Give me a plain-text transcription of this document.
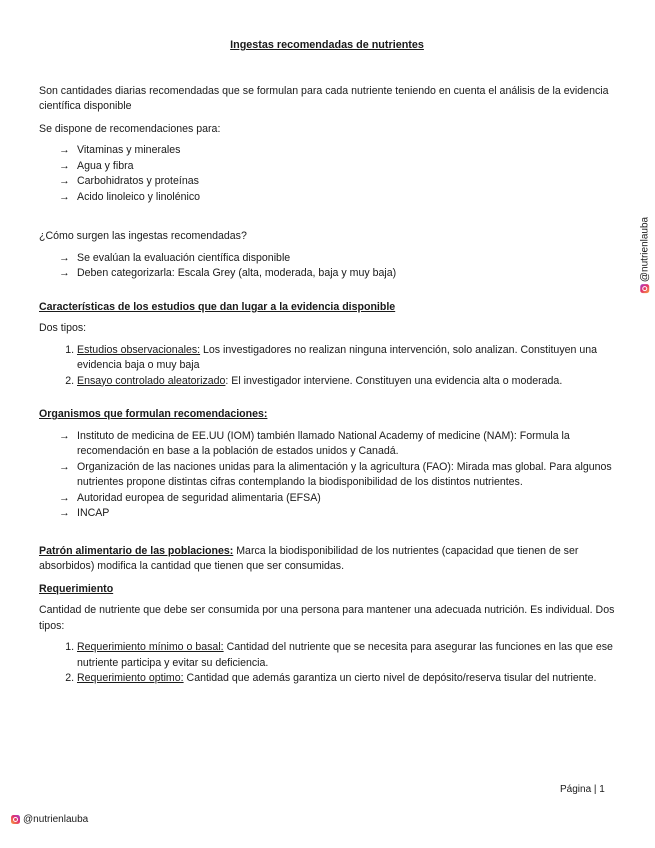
Ingestas recomendadas de nutrientes

Son cantidades diarias recomendadas que se formulan para cada nutriente teniendo en cuenta el análisis de la evidencia científica disponible

Se dispone de recomendaciones para:

→ Vitaminas y minerales
→ Agua y fibra
→ Carbohidratos y proteínas
→ Acido linoleico y linolénico

¿Cómo surgen las ingestas recomendadas?

→ Se evalúan la evaluación científica disponible
→ Deben categorizarla: Escala Grey (alta, moderada, baja y muy baja)

Características de los estudios que dan lugar a la evidencia disponible

Dos tipos:

1. Estudios observacionales: Los investigadores no realizan ninguna intervención, solo analizan. Constituyen una evidencia baja o muy baja
2. Ensayo controlado aleatorizado: El investigador interviene. Constituyen una evidencia alta o moderada.

Organismos que formulan recomendaciones:

→ Instituto de medicina de EE.UU (IOM) también llamado National Academy of medicine (NAM): Formula la recomendación en base a la población de estados unidos y Canadá.
→ Organización de las naciones unidas para la alimentación y la agricultura (FAO): Mirada mas global. Para algunos nutrientes propone distintas cifras contemplando la biodisponibilidad de los distintos nutrientes.
→ Autoridad europea de seguridad alimentaria (EFSA)
→ INCAP

Patrón alimentario de las poblaciones: Marca la biodisponibilidad de los nutrientes (capacidad que tienen de ser absorbidos) modifica la cantidad que tienen que ser consumidas.

Requerimiento

Cantidad de nutriente que debe ser consumida por una persona para mantener una adecuada nutrición. Es individual. Dos tipos:

1. Requerimiento mínimo o basal: Cantidad del nutriente que se necesita para asegurar las funciones en las que ese nutriente participa y evitar su deficiencia.
2. Requerimiento optimo: Cantidad que además garantiza un cierto nivel de depósito/reserva tisular del nutriente.
Página | 1
@nutrienlauba
@nutrienlauba
